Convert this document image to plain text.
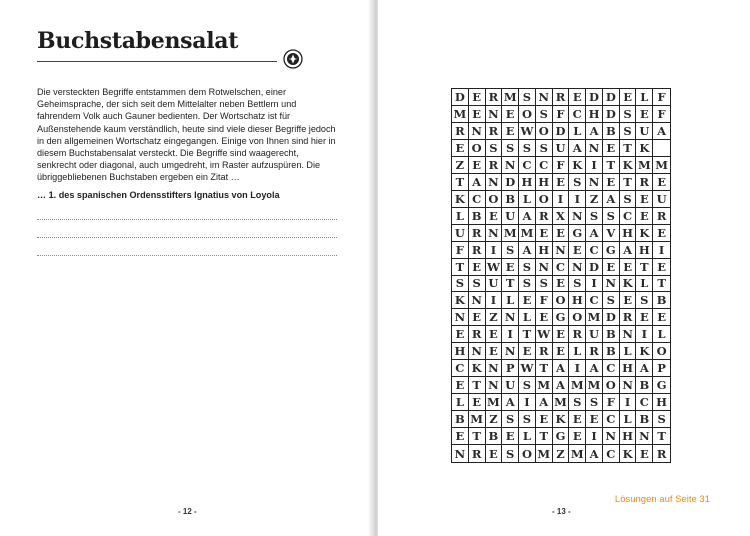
Buchstabensalat

Die versteckten Begriffe entstammen dem Rotwelschen, einer Geheimsprache, der sich seit dem Mittelalter neben Bettlern und fahrendem Volk auch Gauner bedienten. Der Wortschatz ist für Außenstehende kaum verständlich, heute sind viele dieser Begriffe jedoch in den allgemeinen Wortschatz eingegangen. Einige von Ihnen sind hier in diesem Buchstabensalat versteckt. Die Begriffe sind waagerecht, senkrecht oder diagonal, auch umgedreht, im Raster aufzuspüren. Die übriggebliebenen Buchstaben ergeben ein Zitat …

… 1. des spanischen Ordensstifters Ignatius von Loyola

- 12 -
D E R M S N R E D D E L F
M E N E O S F C H D S E F
R N R E W O D L A B S U A
E O S S S S U A N E T K
Z E R N C C F K I T K M M
T A N D H H E S N E T R E
K C O B L O I I Z A S E U
L B E U A R X N S S C E R
U R N M M E E G A V H K E
F R I S A H N E C G A H I
T E W E S N C N D E E T E
S S U T S S E S I N K L T
K N I L E F O H C S E S B
N E Z N L E G O M D R E E
E R E I T W E R U B N I L
H N E N E R E L R B L K O
C K N P W T A I A C H A P
E T N U S M A M M O N B G
L E M A I A M S S F I C H
B M Z S S E K E E C L B S
E T B E L T G E I N H N T
N R E S O M Z M A C K E R
- 13 -
Lösungen auf Seite 31
